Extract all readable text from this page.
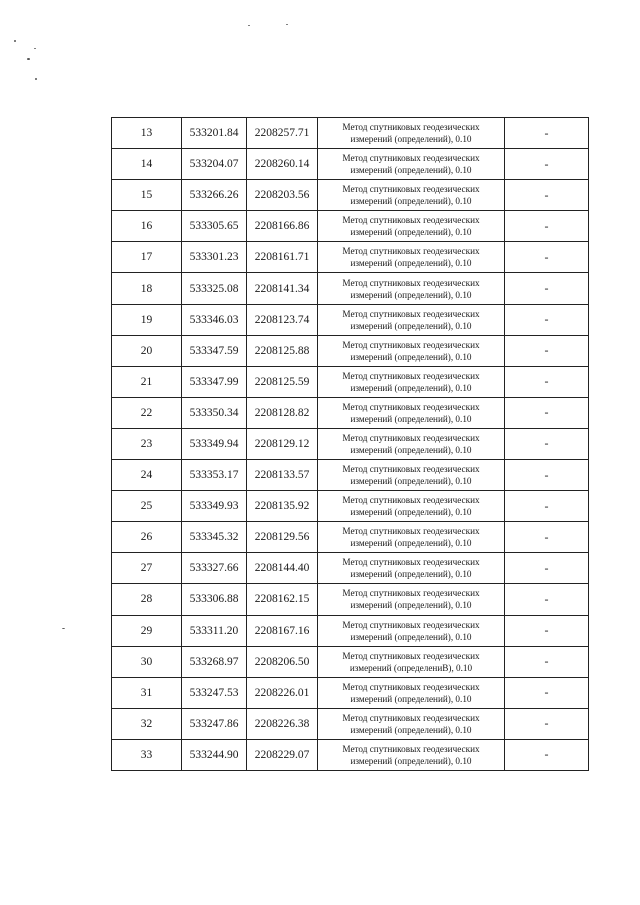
13	533201.84	2208257.71	Метод спутниковых геодезических
измерений (определений), 0.10	-
14	533204.07	2208260.14	Метод спутниковых геодезических
измерений (определений), 0.10	-
15	533266.26	2208203.56	Метод спутниковых геодезических
измерений (определений), 0.10	-
16	533305.65	2208166.86	Метод спутниковых геодезических
измерений (определений), 0.10	-
17	533301.23	2208161.71	Метод спутниковых геодезических
измерений (определений), 0.10	-
18	533325.08	2208141.34	Метод спутниковых геодезических
измерений (определений), 0.10	-
19	533346.03	2208123.74	Метод спутниковых геодезических
измерений (определений), 0.10	-
20	533347.59	2208125.88	Метод спутниковых геодезических
измерений (определений), 0.10	-
21	533347.99	2208125.59	Метод спутниковых геодезических
измерений (определений), 0.10	-
22	533350.34	2208128.82	Метод спутниковых геодезических
измерений (определений), 0.10	-
23	533349.94	2208129.12	Метод спутниковых геодезических
измерений (определений), 0.10	-
24	533353.17	2208133.57	Метод спутниковых геодезических
измерений (определений), 0.10	-
25	533349.93	2208135.92	Метод спутниковых геодезических
измерений (определений), 0.10	-
26	533345.32	2208129.56	Метод спутниковых геодезических
измерений (определений), 0.10	-
27	533327.66	2208144.40	Метод спутниковых геодезических
измерений (определений), 0.10	-
28	533306.88	2208162.15	Метод спутниковых геодезических
измерений (определений), 0.10	-
29	533311.20	2208167.16	Метод спутниковых геодезических
измерений (определений), 0.10	-
30	533268.97	2208206.50	Метод спутниковых геодезических
измерений (определениВ), 0.10	-
31	533247.53	2208226.01	Метод спутниковых геодезических
измерений (определений), 0.10	-
32	533247.86	2208226.38	Метод спутниковых геодезических
измерений (определений), 0.10	-
33	533244.90	2208229.07	Метод спутниковых геодезических
измерений (определений), 0.10	-
